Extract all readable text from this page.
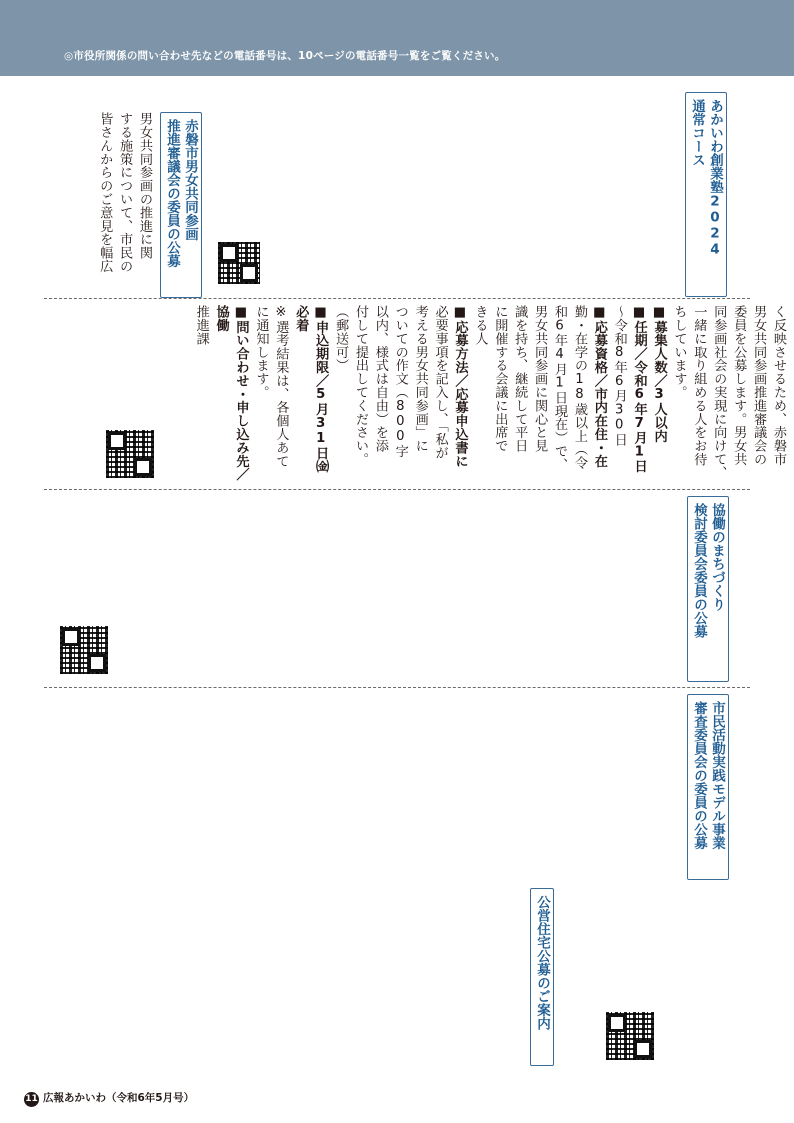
◎市役所関係の問い合わせ先などの電話番号は、10ページの電話番号一覧をご覧ください。

あかいわ創業塾2024

通常コース

赤磐市男女共同参画

推進審議会の委員の公募

男女共同参画の推進に関
する施策について、市民の
皆さんからのご意見を幅広
く反映させるため、赤磐市
男女共同参画推進審議会の
委員を公募します。男女共
同参画社会の実現に向けて、
一緒に取り組める人をお待
ちしています。
■募集人数／3人以内
■任期／令和6年7月1日
～令和8年6月30日
■応募資格／市内在住・在
勤・在学の18歳以上（令
和6年4月1日現在）で、
男女共同参画に関心と見
識を持ち、継続して平日
に開催する会議に出席で
きる人
■応募方法／応募申込書に
必要事項を記入し、「私が
考える男女共同参画」に
ついての作文（800字
以内、様式は自由）を添
付して提出してください。
（郵送可）
■申込期限／5月31日㈮必着
※選考結果は、各個人あて
に通知します。
■問い合わせ・申し込み先／協働
推進課

協働のまちづくり

検討委員会委員の公募

市民活動実践モデル事業

審査委員会の委員の公募

公営住宅公募のご案内

11 広報あかいわ（令和6年5月号）
